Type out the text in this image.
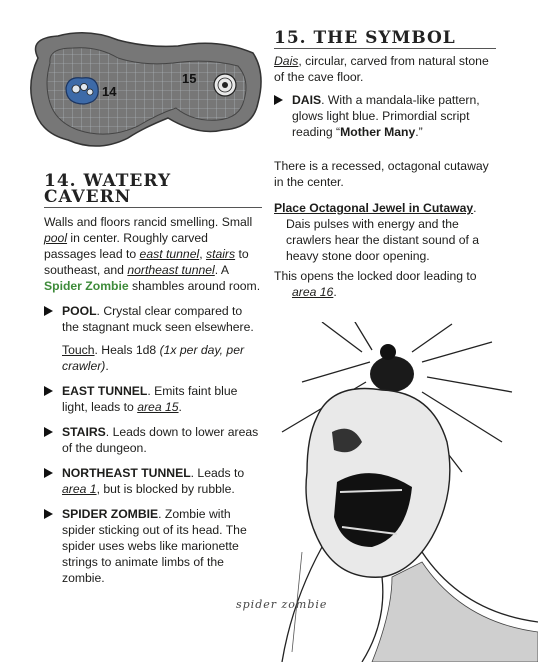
14
15
15. THE SYMBOL

Dais, circular, carved from natural stone of the cave floor.

DAIS. With a mandala-like pattern, glows light blue. Primordial script reading “Mother Many.”

There is a recessed, octagonal cutaway in the center.

Place Octagonal Jewel in Cutaway.

Dais pulses with energy and the crawlers hear the distant sound of a heavy stone door opening.

This opens the locked door leading to
area 16.

14. WATERY CAVERN

Walls and floors rancid smelling. Small pool in center. Roughly carved passages lead to east tunnel, stairs to southeast, and northeast tunnel. A Spider Zombie shambles around room.

POOL. Crystal clear compared to the stagnant muck seen elsewhere.
Touch. Heals 1d8 (1x per day, per crawler).
EAST TUNNEL. Emits faint blue light, leads to area 15.
STAIRS. Leads down to lower areas of the dungeon.
NORTHEAST TUNNEL. Leads to area 1, but is blocked by rubble.
SPIDER ZOMBIE. Zombie with spider sticking out of its head. The spider uses webs like marionette strings to animate limbs of the zombie.
spider zombie
